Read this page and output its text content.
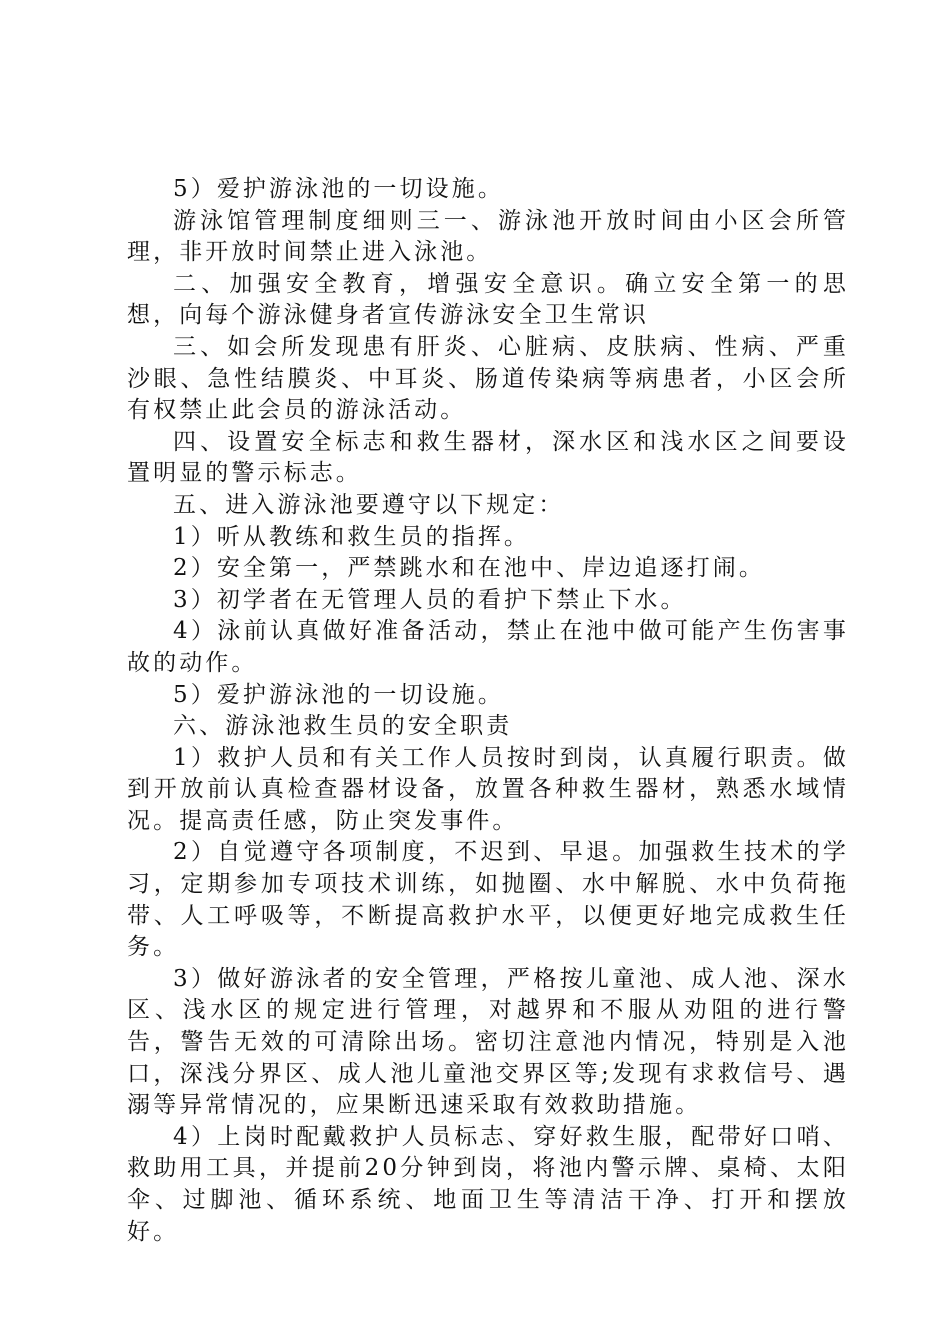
5）爱护游泳池的一切设施。

游泳馆管理制度细则三一、游泳池开放时间由小区会所管理，非开放时间禁止进入泳池。

二、加强安全教育，增强安全意识。确立安全第一的思想，向每个游泳健身者宣传游泳安全卫生常识

三、如会所发现患有肝炎、心脏病、皮肤病、性病、严重沙眼、急性结膜炎、中耳炎、肠道传染病等病患者，小区会所有权禁止此会员的游泳活动。

四、设置安全标志和救生器材，深水区和浅水区之间要设置明显的警示标志。

五、进入游泳池要遵守以下规定：

1）听从教练和救生员的指挥。

2）安全第一，严禁跳水和在池中、岸边追逐打闹。

3）初学者在无管理人员的看护下禁止下水。

4）泳前认真做好准备活动，禁止在池中做可能产生伤害事故的动作。

5）爱护游泳池的一切设施。

六、游泳池救生员的安全职责

1）救护人员和有关工作人员按时到岗，认真履行职责。做到开放前认真检查器材设备，放置各种救生器材，熟悉水域情况。提高责任感，防止突发事件。

2）自觉遵守各项制度，不迟到、早退。加强救生技术的学习，定期参加专项技术训练，如抛圈、水中解脱、水中负荷拖带、人工呼吸等，不断提高救护水平，以便更好地完成救生任务。

3）做好游泳者的安全管理，严格按儿童池、成人池、深水区、浅水区的规定进行管理，对越界和不服从劝阻的进行警告，警告无效的可清除出场。密切注意池内情况，特别是入池口，深浅分界区、成人池儿童池交界区等;发现有求救信号、遇溺等异常情况的，应果断迅速采取有效救助措施。

4）上岗时配戴救护人员标志、穿好救生服，配带好口哨、救助用工具，并提前20分钟到岗，将池内警示牌、桌椅、太阳伞、过脚池、循环系统、地面卫生等清洁干净、打开和摆放好。
